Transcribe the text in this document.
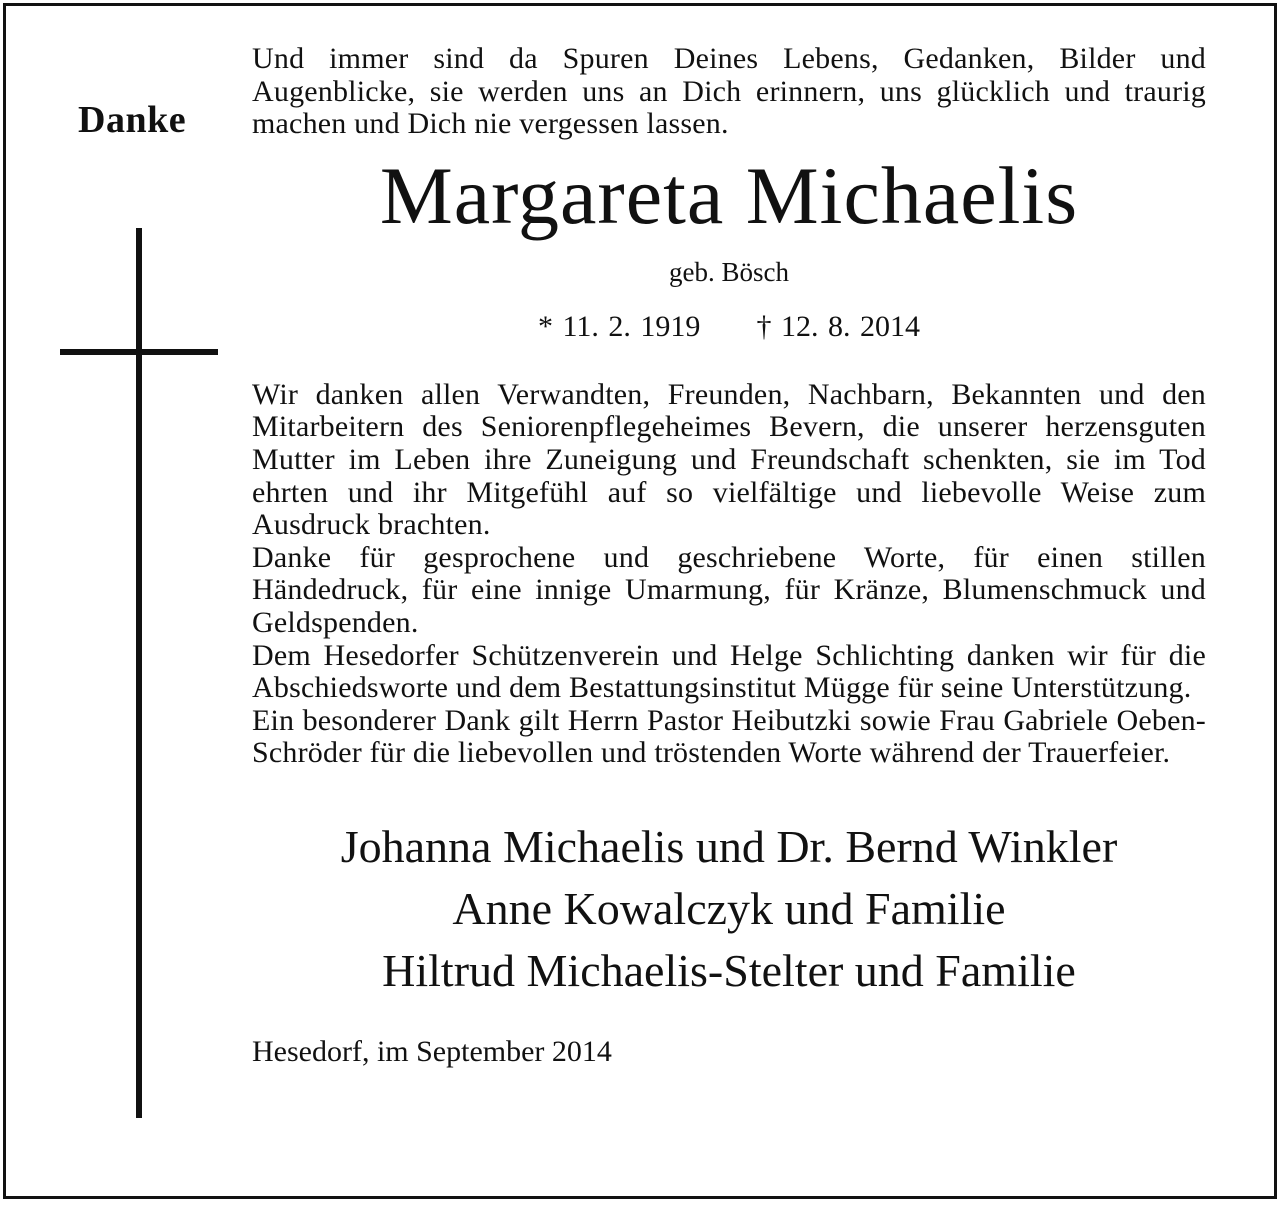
Danke

Und immer sind da Spuren Deines Lebens, Gedanken, Bilder und Augenblicke, sie werden uns an Dich erinnern, uns glücklich und traurig machen und Dich nie vergessen lassen.

Margareta Michaelis
geb. Bösch
* 11. 2. 1919 † 12. 8. 2014

Wir danken allen Verwandten, Freunden, Nachbarn, Bekannten und den Mitarbeitern des Seniorenpflegeheimes Bevern, die unserer herzensguten Mutter im Leben ihre Zuneigung und Freundschaft schenkten, sie im Tod ehrten und ihr Mitgefühl auf so vielfältige und liebevolle Weise zum Ausdruck brachten.

Danke für gesprochene und geschriebene Worte, für einen stillen Händedruck, für eine innige Umarmung, für Kränze, Blumenschmuck und Geldspenden.

Dem Hesedorfer Schützenverein und Helge Schlichting danken wir für die Abschiedsworte und dem Bestattungsinstitut Mügge für seine Unterstützung.

Ein besonderer Dank gilt Herrn Pastor Heibutzki sowie Frau Gabriele Oeben-Schröder für die liebevollen und tröstenden Worte während der Trauerfeier.

Johanna Michaelis und Dr. Bernd Winkler
Anne Kowalczyk und Familie
Hiltrud Michaelis-Stelter und Familie
Hesedorf, im September 2014
